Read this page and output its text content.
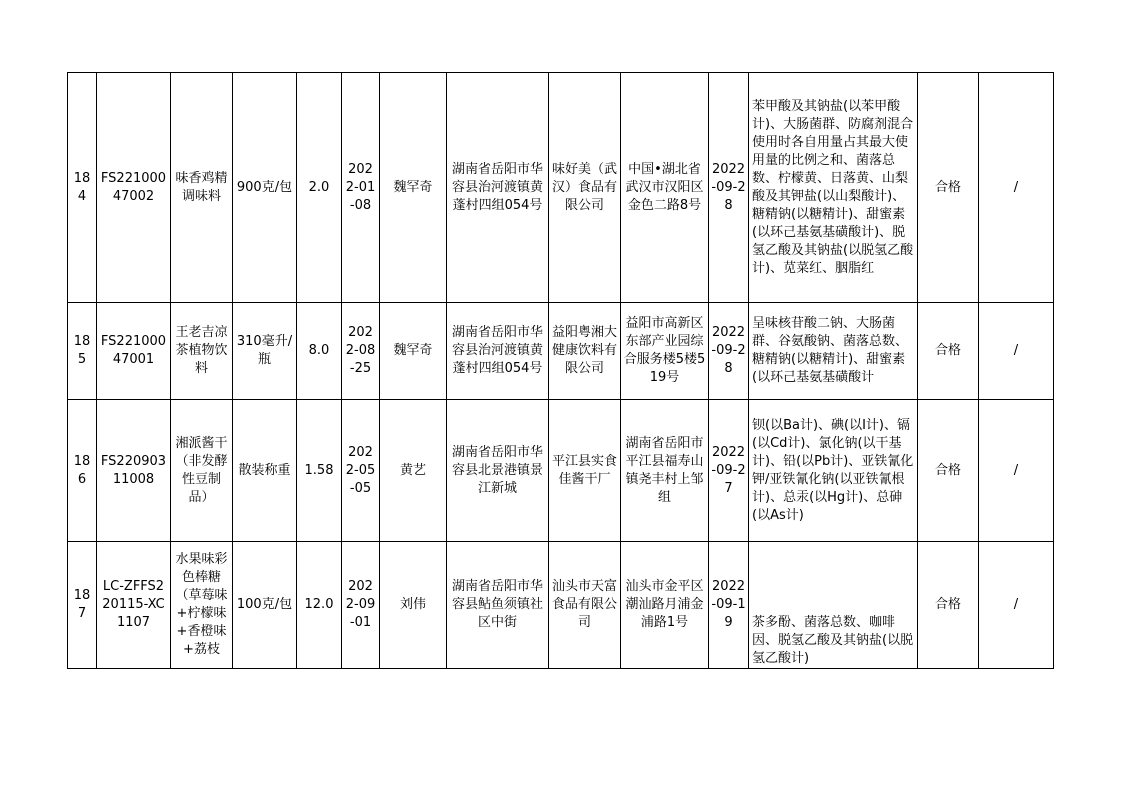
184	FS22100047002	味香鸡精调味料	900克/包	2.0	2022-01-08	魏罕奇	湖南省岳阳市华容县治河渡镇黄蓬村四组054号	味好美（武汉）食品有限公司	中国•湖北省武汉市汉阳区金色二路8号	2022-09-28	苯甲酸及其钠盐(以苯甲酸计)、大肠菌群、防腐剂混合使用时各自用量占其最大使用量的比例之和、菌落总数、柠檬黄、日落黄、山梨酸及其钾盐(以山梨酸计)、糖精钠(以糖精计)、甜蜜素(以环己基氨基磺酸计)、脱氢乙酸及其钠盐(以脱氢乙酸计)、苋菜红、胭脂红	合格	/
185	FS22100047001	王老吉凉茶植物饮料	310毫升/瓶	8.0	2022-08-25	魏罕奇	湖南省岳阳市华容县治河渡镇黄蓬村四组054号	益阳粤湘大健康饮料有限公司	益阳市高新区东部产业园综合服务楼5楼519号	2022-09-28	呈味核苷酸二钠、大肠菌群、谷氨酸钠、菌落总数、糖精钠(以糖精计)、甜蜜素(以环己基氨基磺酸计	合格	/
186	FS22090311008	湘派酱干（非发酵性豆制品）	散装称重	1.58	2022-05-05	黄艺	湖南省岳阳市华容县北景港镇景江新城	平江县实食佳酱干厂	湖南省岳阳市平江县福寿山镇尧丰村上邹组	2022-09-27	钡(以Ba计)、碘(以I计)、镉(以Cd计)、氯化钠(以干基计)、铅(以Pb计)、亚铁氰化钾/亚铁氰化钠(以亚铁氰根计)、总汞(以Hg计)、总砷(以As计)	合格	/
187	LC-ZFFS220115-XC1107	水果味彩色棒糖（草莓味+柠檬味+香橙味+荔枝	100克/包	12.0	2022-09-01	刘伟	湖南省岳阳市华容县鲇鱼须镇社区中街	汕头市天富食品有限公司	汕头市金平区潮汕路月浦金浦路1号	2022-09-19	茶多酚、菌落总数、咖啡因、脱氢乙酸及其钠盐(以脱氢乙酸计)	合格	/
